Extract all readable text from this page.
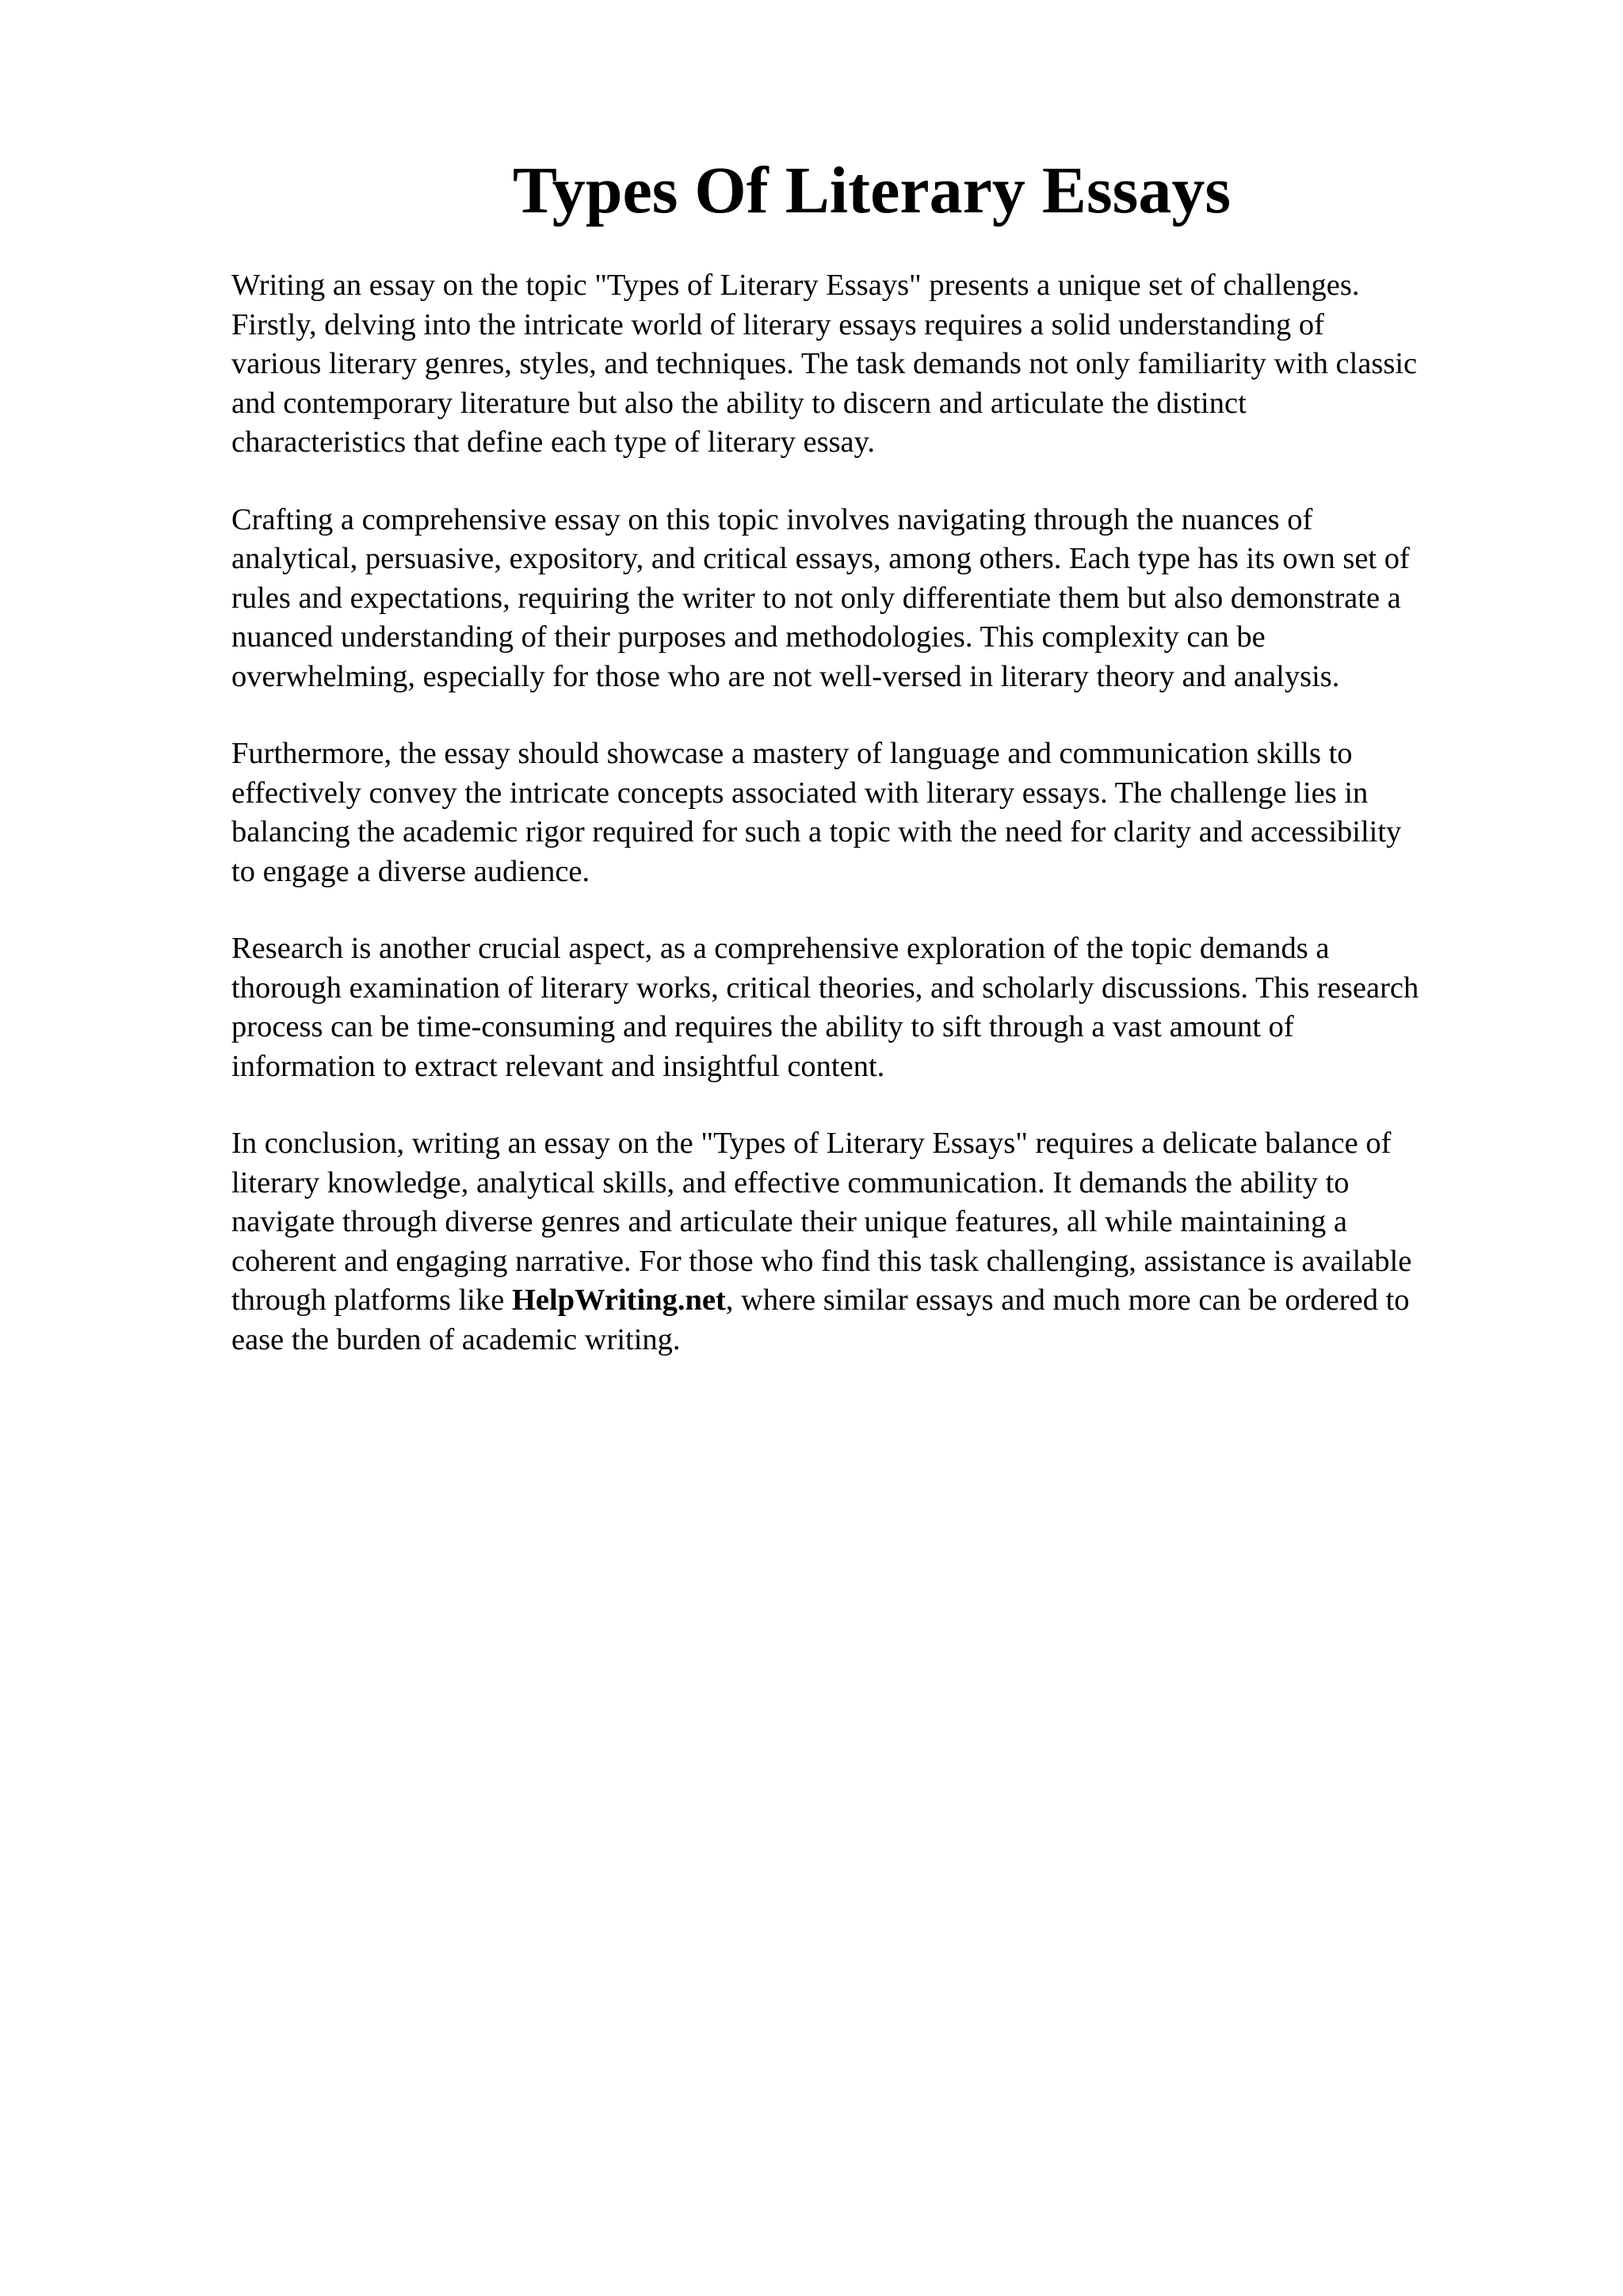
Types Of Literary Essays

Writing an essay on the topic "Types of Literary Essays" presents a unique set of challenges.
Firstly, delving into the intricate world of literary essays requires a solid understanding of
various literary genres, styles, and techniques. The task demands not only familiarity with classic
and contemporary literature but also the ability to discern and articulate the distinct
characteristics that define each type of literary essay.

Crafting a comprehensive essay on this topic involves navigating through the nuances of
analytical, persuasive, expository, and critical essays, among others. Each type has its own set of
rules and expectations, requiring the writer to not only differentiate them but also demonstrate a
nuanced understanding of their purposes and methodologies. This complexity can be
overwhelming, especially for those who are not well-versed in literary theory and analysis.

Furthermore, the essay should showcase a mastery of language and communication skills to
effectively convey the intricate concepts associated with literary essays. The challenge lies in
balancing the academic rigor required for such a topic with the need for clarity and accessibility
to engage a diverse audience.

Research is another crucial aspect, as a comprehensive exploration of the topic demands a
thorough examination of literary works, critical theories, and scholarly discussions. This research
process can be time-consuming and requires the ability to sift through a vast amount of
information to extract relevant and insightful content.

In conclusion, writing an essay on the "Types of Literary Essays" requires a delicate balance of
literary knowledge, analytical skills, and effective communication. It demands the ability to
navigate through diverse genres and articulate their unique features, all while maintaining a
coherent and engaging narrative. For those who find this task challenging, assistance is available
through platforms like HelpWriting.net, where similar essays and much more can be ordered to
ease the burden of academic writing.
